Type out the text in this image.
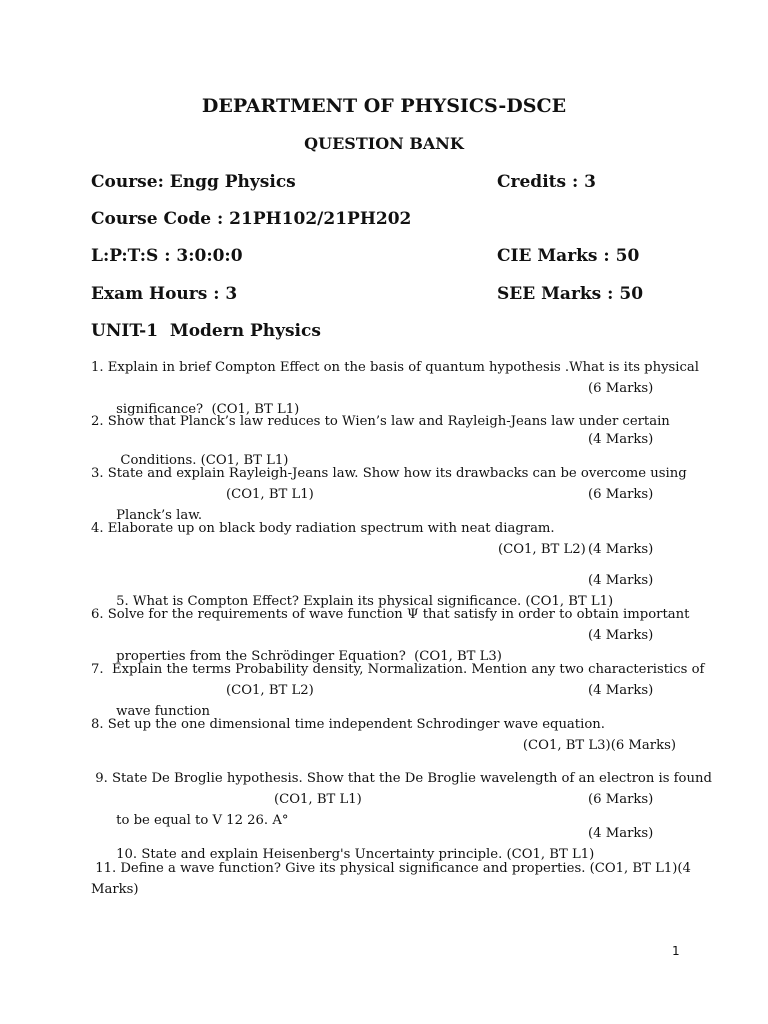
DEPARTMENT OF PHYSICS-DSCE
QUESTION BANK
Course: Engg Physics	Credits : 3
Course Code : 21PH102/21PH202
L:P:T:S : 3:0:0:0	CIE Marks : 50
Exam Hours : 3	SEE Marks : 50
UNIT-1  Modern Physics
1. Explain in brief Compton Effect on the basis of quantum hypothesis .What is its physical

significance?  (CO1, BT L1)

(6 Marks)

2. Show that Planck’s law reduces to Wien’s law and Rayleigh-Jeans law under certain

Conditions. (CO1, BT L1)

(4 Marks)

3. State and explain Rayleigh-Jeans law. Show how its drawbacks can be overcome using

Planck’s law.

(CO1, BT L1)

	(6 Marks)

4. Elaborate up on black body radiation spectrum with neat diagram.

(CO1, BT L2)

(4 Marks)

5. What is Compton Effect? Explain its physical significance. (CO1, BT L1)

(4 Marks)

6. Solve for the requirements of wave function Ψ that satisfy in order to obtain important

properties from the Schrödinger Equation?  (CO1, BT L3)

(4 Marks)

7.  Explain the terms Probability density, Normalization. Mention any two characteristics of

wave function

(CO1, BT L2)

	(4 Marks)

8. Set up the one dimensional time independent Schrodinger wave equation.

(CO1, BT L3)(6 Marks)

9. State De Broglie hypothesis. Show that the De Broglie wavelength of an electron is found

to be equal to V 12 26. A°

(CO1, BT L1)

	(6 Marks)

10. State and explain Heisenberg's Uncertainty principle. (CO1, BT L1)

(4 Marks)

11. Define a wave function? Give its physical significance and properties. (CO1, BT L1)(4
Marks)
1
